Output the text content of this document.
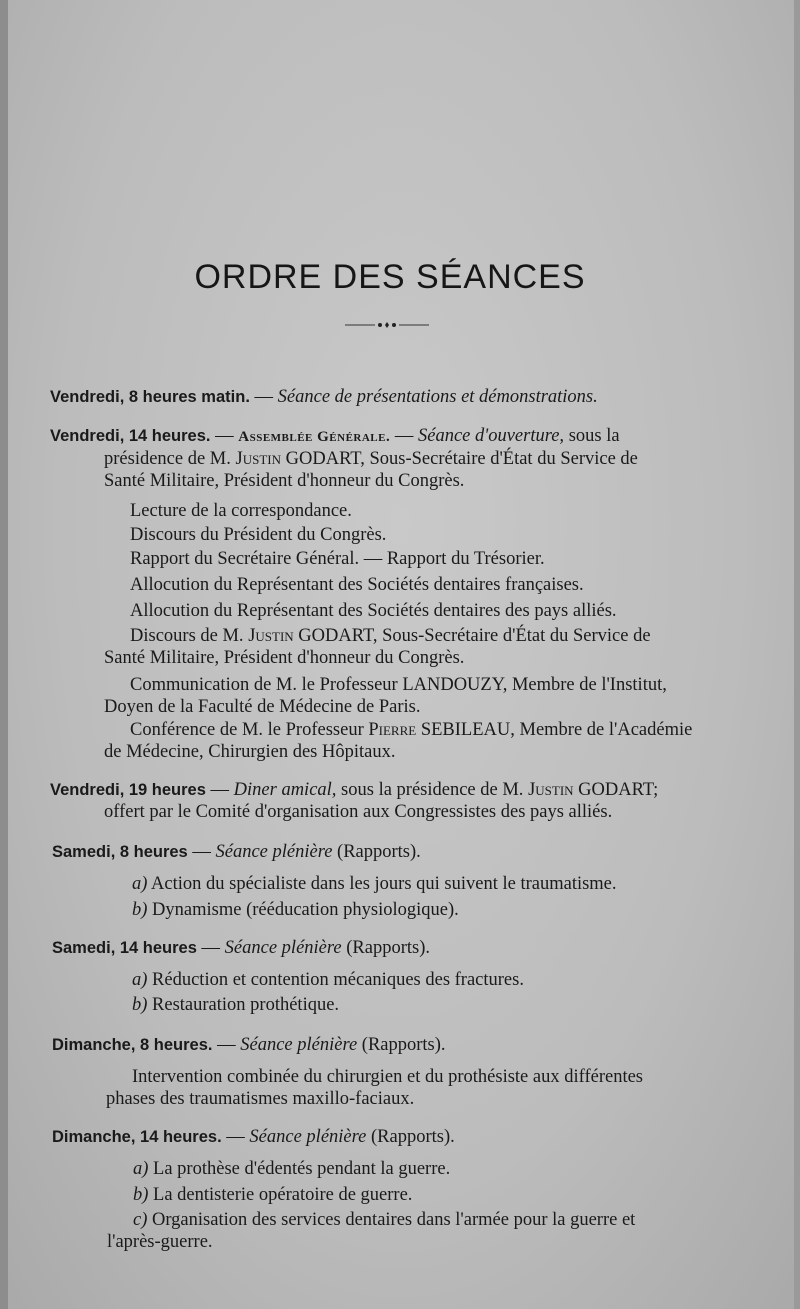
ORDRE DES SÉANCES
Vendredi, 8 heures matin. — Séance de présentations et démonstrations.
Vendredi, 14 heures. — Assemblée Générale. — Séance d'ouverture, sous la
présidence de M. Justin GODART, Sous-Secrétaire d'État du Service de
Santé Militaire, Président d'honneur du Congrès.
Lecture de la correspondance.
Discours du Président du Congrès.
Rapport du Secrétaire Général. — Rapport du Trésorier.
Allocution du Représentant des Sociétés dentaires françaises.
Allocution du Représentant des Sociétés dentaires des pays alliés.
Discours de M. Justin GODART, Sous-Secrétaire d'État du Service de
Santé Militaire, Président d'honneur du Congrès.
Communication de M. le Professeur LANDOUZY, Membre de l'Institut,
Doyen de la Faculté de Médecine de Paris.
Conférence de M. le Professeur Pierre SEBILEAU, Membre de l'Académie
de Médecine, Chirurgien des Hôpitaux.
Vendredi, 19 heures — Diner amical, sous la présidence de M. Justin GODART;
offert par le Comité d'organisation aux Congressistes des pays alliés.
Samedi, 8 heures — Séance plénière (Rapports).
a) Action du spécialiste dans les jours qui suivent le traumatisme.
b) Dynamisme (rééducation physiologique).
Samedi, 14 heures — Séance plénière (Rapports).
a) Réduction et contention mécaniques des fractures.
b) Restauration prothétique.
Dimanche, 8 heures. — Séance plénière (Rapports).
Intervention combinée du chirurgien et du prothésiste aux différentes
phases des traumatismes maxillo-faciaux.
Dimanche, 14 heures. — Séance plénière (Rapports).
a) La prothèse d'édentés pendant la guerre.
b) La dentisterie opératoire de guerre.
c) Organisation des services dentaires dans l'armée pour la guerre et
l'après-guerre.
